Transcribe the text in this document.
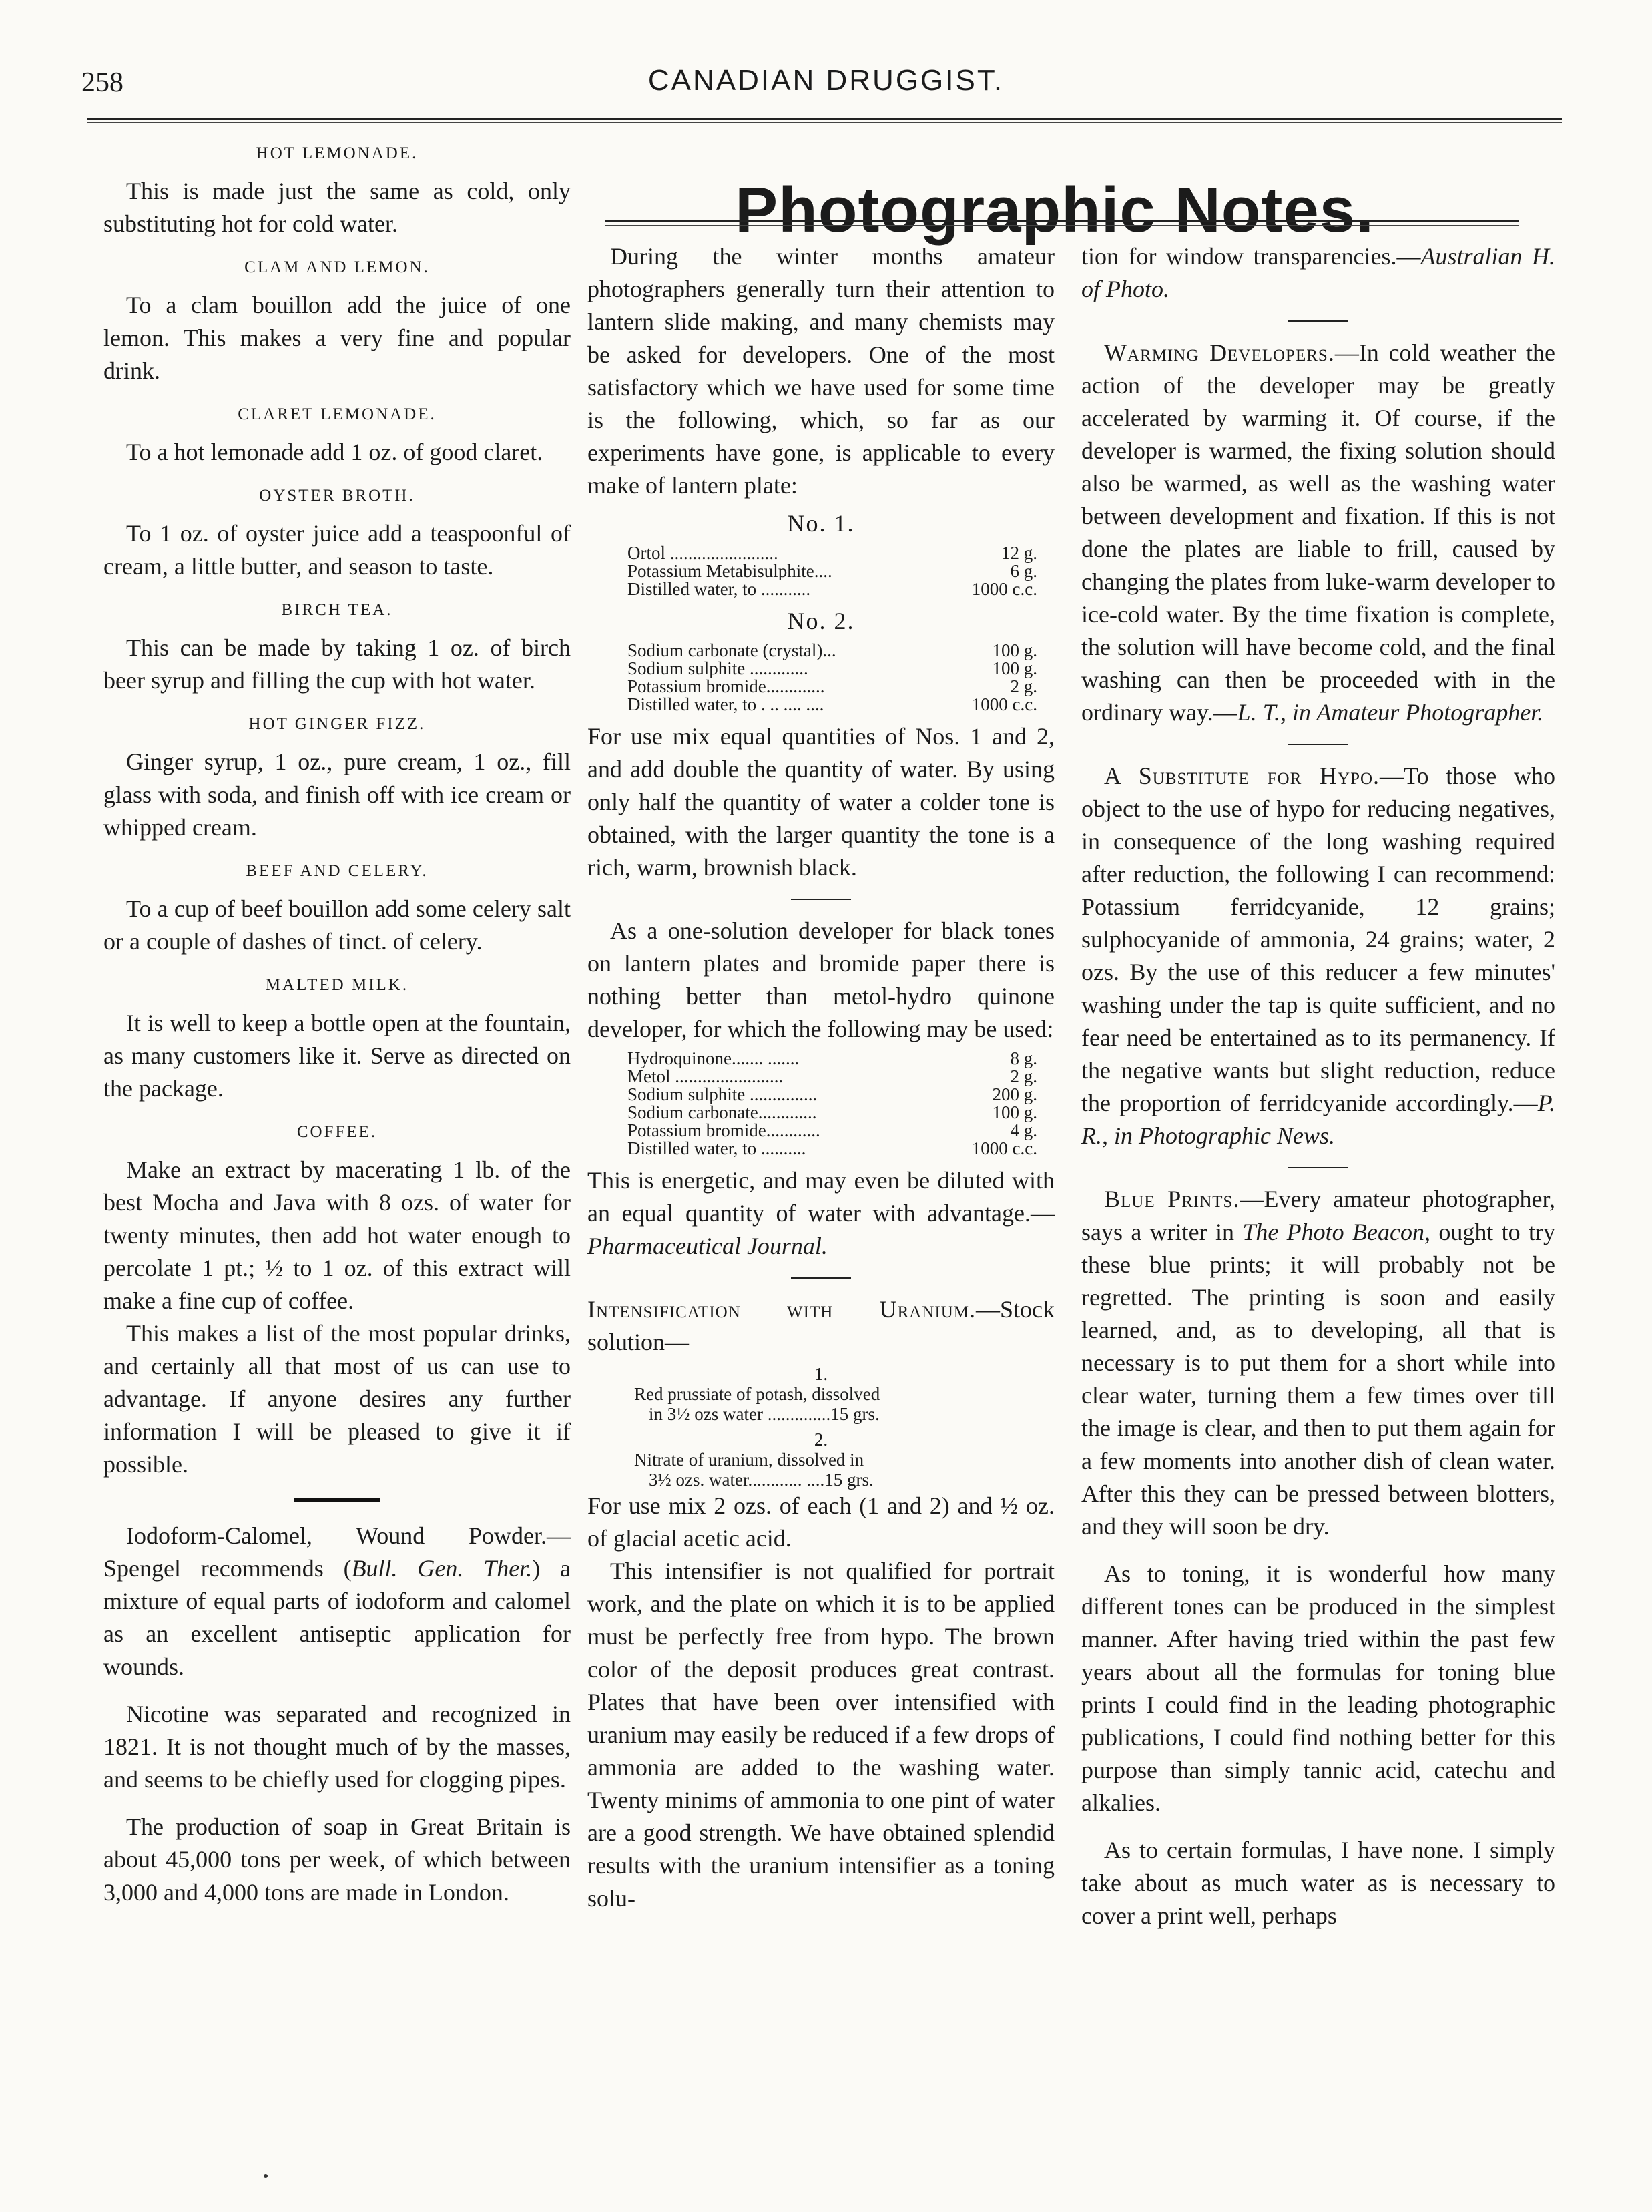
258	CANADIAN DRUGGIST.
Photographic Notes.
HOT LEMONADE.

This is made just the same as cold, only substituting hot for cold water.

CLAM AND LEMON.

To a clam bouillon add the juice of one lemon. This makes a very fine and popular drink.

CLARET LEMONADE.

To a hot lemonade add 1 oz. of good claret.

OYSTER BROTH.

To 1 oz. of oyster juice add a teaspoonful of cream, a little butter, and season to taste.

BIRCH TEA.

This can be made by taking 1 oz. of birch beer syrup and filling the cup with hot water.

HOT GINGER FIZZ.

Ginger syrup, 1 oz., pure cream, 1 oz., fill glass with soda, and finish off with ice cream or whipped cream.

BEEF AND CELERY.

To a cup of beef bouillon add some celery salt or a couple of dashes of tinct. of celery.

MALTED MILK.

It is well to keep a bottle open at the fountain, as many customers like it. Serve as directed on the package.

COFFEE.

Make an extract by macerating 1 lb. of the best Mocha and Java with 8 ozs. of water for twenty minutes, then add hot water enough to percolate 1 pt.; ½ to 1 oz. of this extract will make a fine cup of coffee.

This makes a list of the most popular drinks, and certainly all that most of us can use to advantage. If anyone desires any further information I will be pleased to give it if possible.

Iodoform-Calomel, Wound Powder.—Spengel recommends (Bull. Gen. Ther.) a mixture of equal parts of iodoform and calomel as an excellent antiseptic application for wounds.

Nicotine was separated and recognized in 1821. It is not thought much of by the masses, and seems to be chiefly used for clogging pipes.

The production of soap in Great Britain is about 45,000 tons per week, of which between 3,000 and 4,000 tons are made in London.

During the winter months amateur photographers generally turn their attention to lantern slide making, and many chemists may be asked for developers. One of the most satisfactory which we have used for some time is the following, which, so far as our experiments have gone, is applicable to every make of lantern plate:

No. 1.
Ortol ........................	12 g.
Potassium Metabisulphite....	6 g.
Distilled water, to ...........	1000 c.c.
No. 2.
Sodium carbonate (crystal)...	100 g.
Sodium sulphite .............	100 g.
Potassium bromide.............	2 g.
Distilled water, to . .. .... ....	1000 c.c.

For use mix equal quantities of Nos. 1 and 2, and add double the quantity of water. By using only half the quantity of water a colder tone is obtained, with the larger quantity the tone is a rich, warm, brownish black.

As a one-solution developer for black tones on lantern plates and bromide paper there is nothing better than metol-hydro quinone developer, for which the following may be used:

Hydroquinone....... .......	8 g.
Metol ........................	2 g.
Sodium sulphite ...............	200 g.
Sodium carbonate.............	100 g.
Potassium bromide............	4 g.
Distilled water, to ..........	1000 c.c.

This is energetic, and may even be diluted with an equal quantity of water with advantage.—Pharmaceutical Journal.

Intensification with Uranium.—Stock solution—

1.
Red prussiate of potash, dissolved
in 3½ ozs water ..............15 grs.
2.
Nitrate of uranium, dissolved in
3½ ozs. water............ ....15 grs.

For use mix 2 ozs. of each (1 and 2) and ½ oz. of glacial acetic acid.

This intensifier is not qualified for portrait work, and the plate on which it is to be applied must be perfectly free from hypo. The brown color of the deposit produces great contrast. Plates that have been over intensified with uranium may easily be reduced if a few drops of ammonia are added to the washing water. Twenty minims of ammonia to one pint of water are a good strength. We have obtained splendid results with the uranium intensifier as a toning solu-

tion for window transparencies.—Australian H. of Photo.

Warming Developers.—In cold weather the action of the developer may be greatly accelerated by warming it. Of course, if the developer is warmed, the fixing solution should also be warmed, as well as the washing water between development and fixation. If this is not done the plates are liable to frill, caused by changing the plates from luke-warm developer to ice-cold water. By the time fixation is complete, the solution will have become cold, and the final washing can then be proceeded with in the ordinary way.—L. T., in Amateur Photographer.

A Substitute for Hypo.—To those who object to the use of hypo for reducing negatives, in consequence of the long washing required after reduction, the following I can recommend: Potassium ferridcyanide, 12 grains; sulphocyanide of ammonia, 24 grains; water, 2 ozs. By the use of this reducer a few minutes' washing under the tap is quite sufficient, and no fear need be entertained as to its permanency. If the negative wants but slight reduction, reduce the proportion of ferridcyanide accordingly.—P. R., in Photographic News.

Blue Prints.—Every amateur photographer, says a writer in The Photo Beacon, ought to try these blue prints; it will probably not be regretted. The printing is soon and easily learned, and, as to developing, all that is necessary is to put them for a short while into clear water, turning them a few times over till the image is clear, and then to put them again for a few moments into another dish of clean water. After this they can be pressed between blotters, and they will soon be dry.

As to toning, it is wonderful how many different tones can be produced in the simplest manner. After having tried within the past few years about all the formulas for toning blue prints I could find in the leading photographic publications, I could find nothing better for this purpose than simply tannic acid, catechu and alkalies.

As to certain formulas, I have none. I simply take about as much water as is necessary to cover a print well, perhaps
